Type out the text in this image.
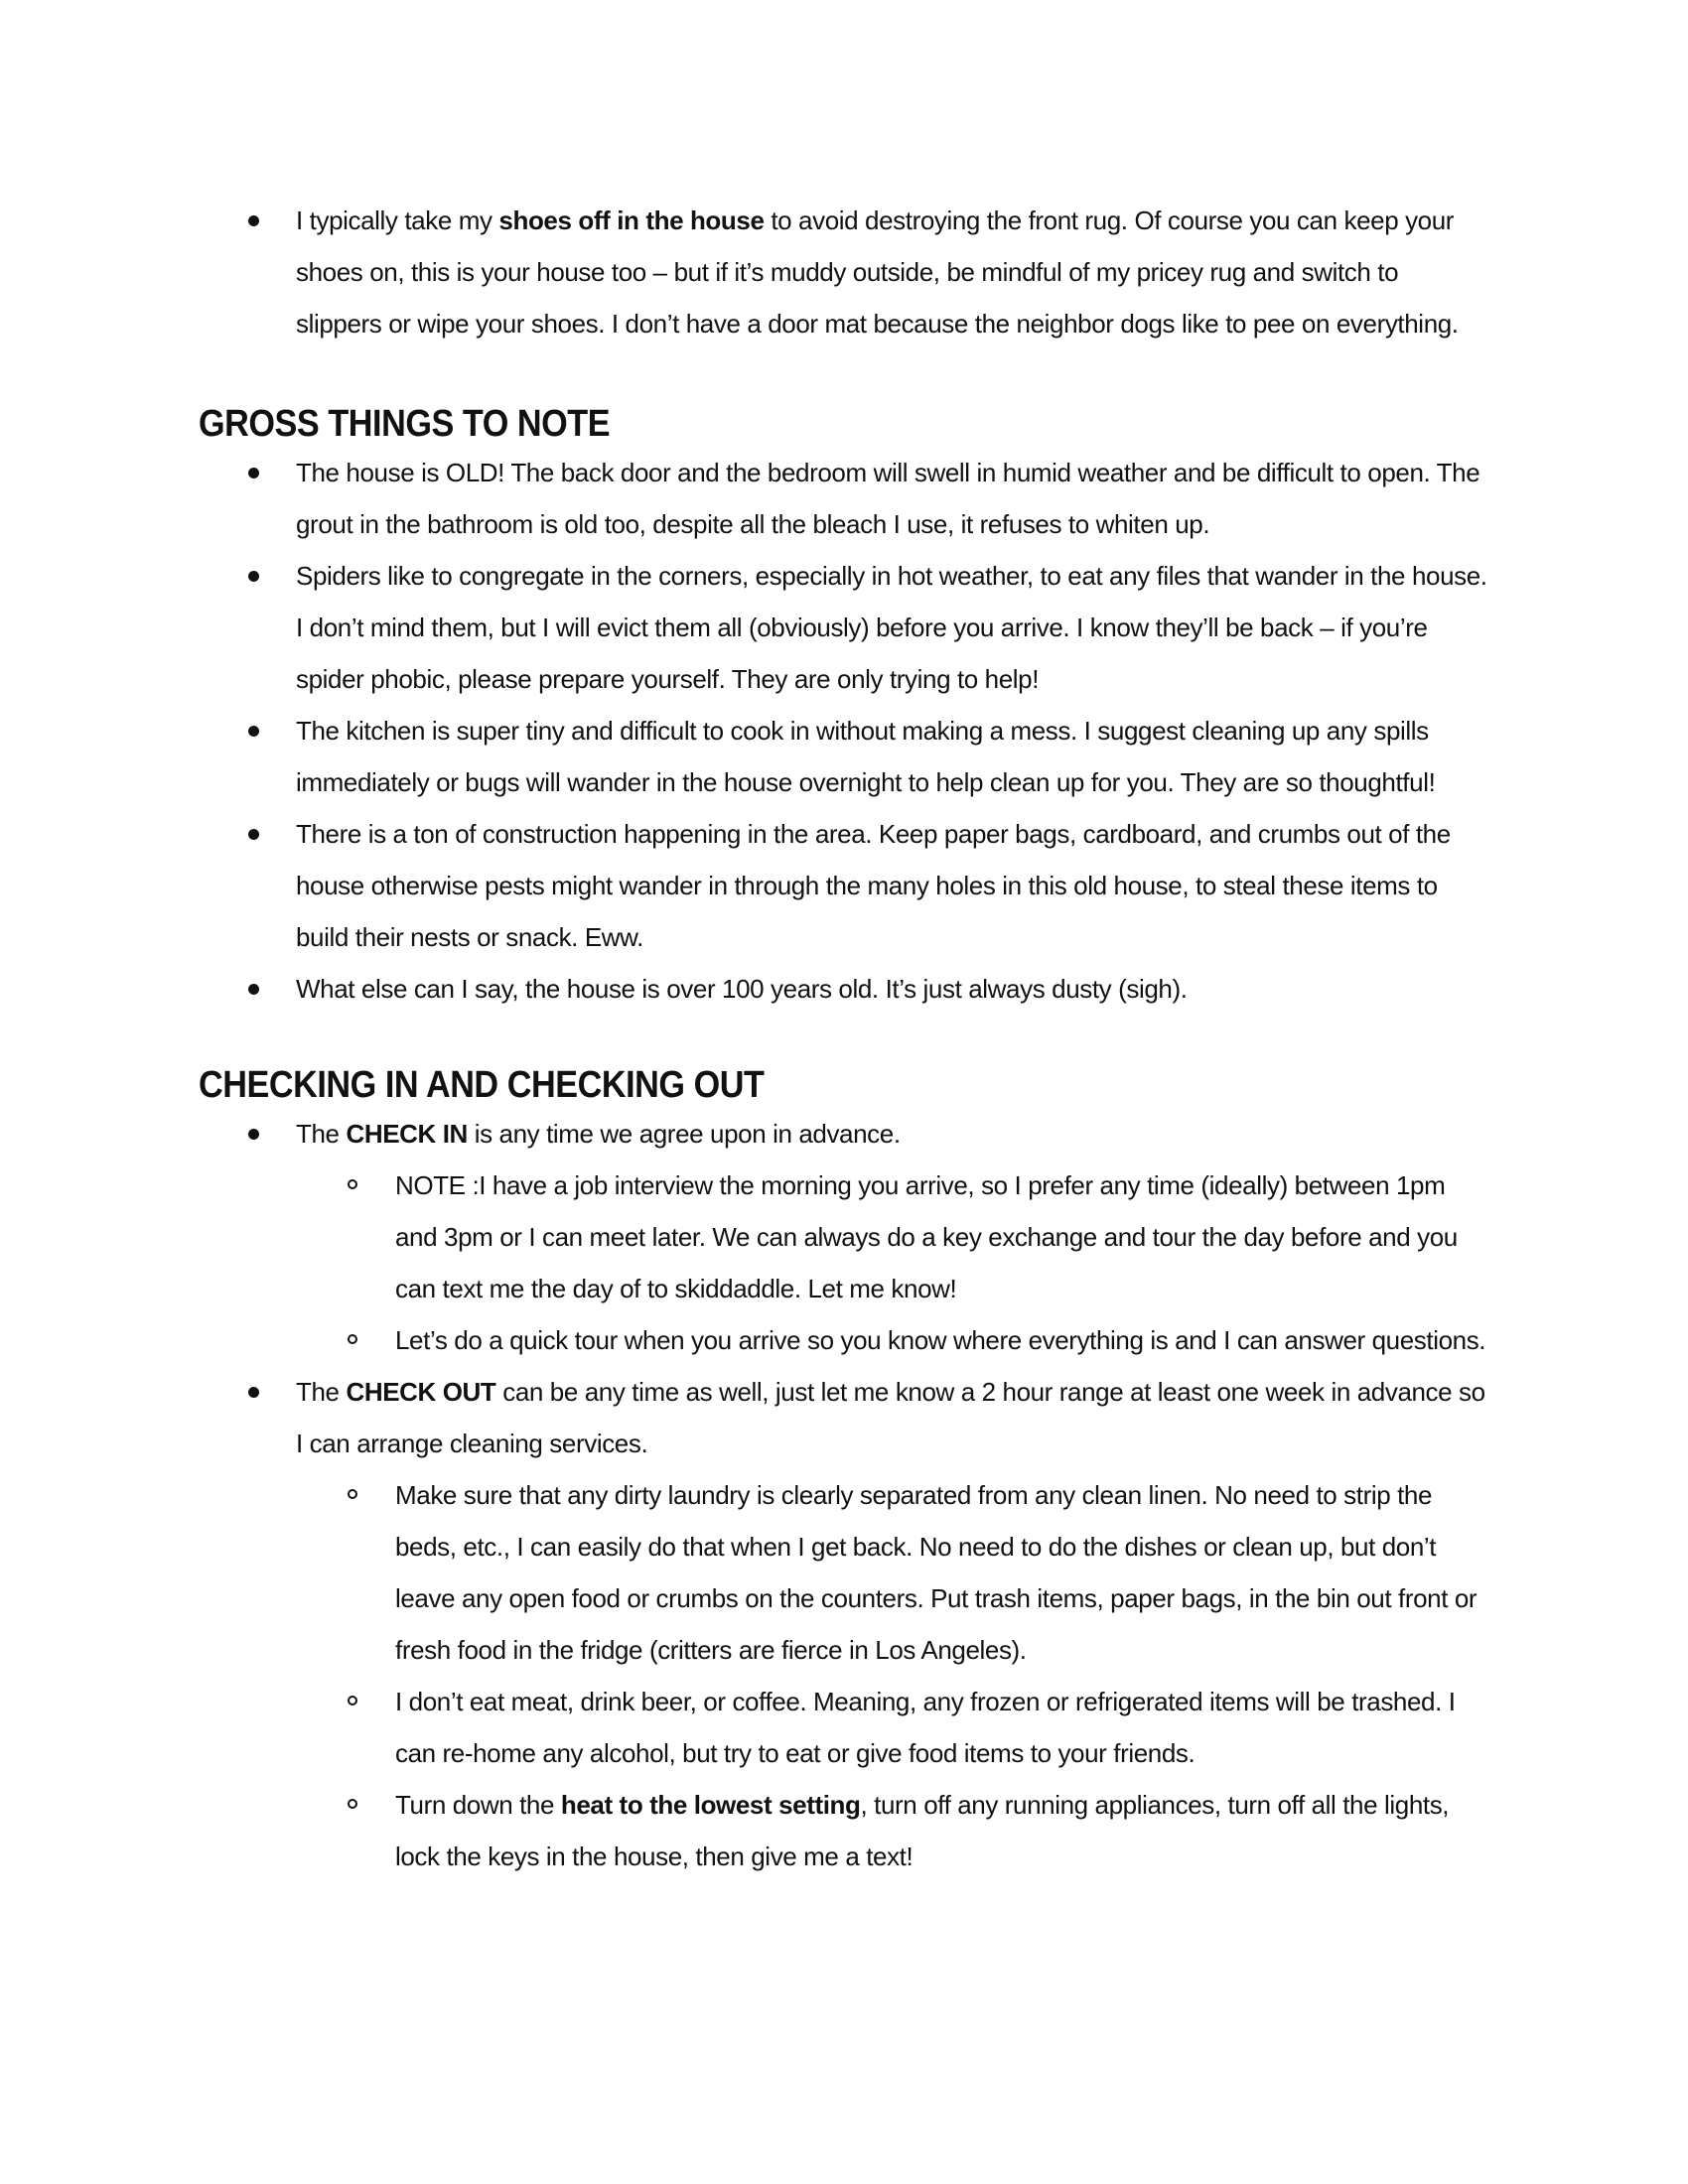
I typically take my shoes off in the house to avoid destroying the front rug. Of course you can keep your shoes on, this is your house too – but if it’s muddy outside, be mindful of my pricey rug and switch to slippers or wipe your shoes. I don’t have a door mat because the neighbor dogs like to pee on everything.
GROSS THINGS TO NOTE
The house is OLD! The back door and the bedroom will swell in humid weather and be difficult to open. The grout in the bathroom is old too, despite all the bleach I use, it refuses to whiten up.
Spiders like to congregate in the corners, especially in hot weather, to eat any files that wander in the house. I don’t mind them, but I will evict them all (obviously) before you arrive. I know they’ll be back – if you’re spider phobic, please prepare yourself. They are only trying to help!
The kitchen is super tiny and difficult to cook in without making a mess. I suggest cleaning up any spills immediately or bugs will wander in the house overnight to help clean up for you. They are so thoughtful!
There is a ton of construction happening in the area. Keep paper bags, cardboard, and crumbs out of the house otherwise pests might wander in through the many holes in this old house, to steal these items to build their nests or snack. Eww.
What else can I say, the house is over 100 years old. It’s just always dusty (sigh).
CHECKING IN AND CHECKING OUT
The CHECK IN is any time we agree upon in advance.
NOTE :I have a job interview the morning you arrive, so I prefer any time (ideally) between 1pm and 3pm or I can meet later. We can always do a key exchange and tour the day before and you can text me the day of to skiddaddle. Let me know!
Let’s do a quick tour when you arrive so you know where everything is and I can answer questions.
The CHECK OUT can be any time as well, just let me know a 2 hour range at least one week in advance so I can arrange cleaning services.
Make sure that any dirty laundry is clearly separated from any clean linen. No need to strip the beds, etc., I can easily do that when I get back. No need to do the dishes or clean up, but don’t leave any open food or crumbs on the counters. Put trash items, paper bags, in the bin out front or fresh food in the fridge (critters are fierce in Los Angeles).
I don’t eat meat, drink beer, or coffee. Meaning, any frozen or refrigerated items will be trashed. I can re-home any alcohol, but try to eat or give food items to your friends.
Turn down the heat to the lowest setting, turn off any running appliances, turn off all the lights, lock the keys in the house, then give me a text!
